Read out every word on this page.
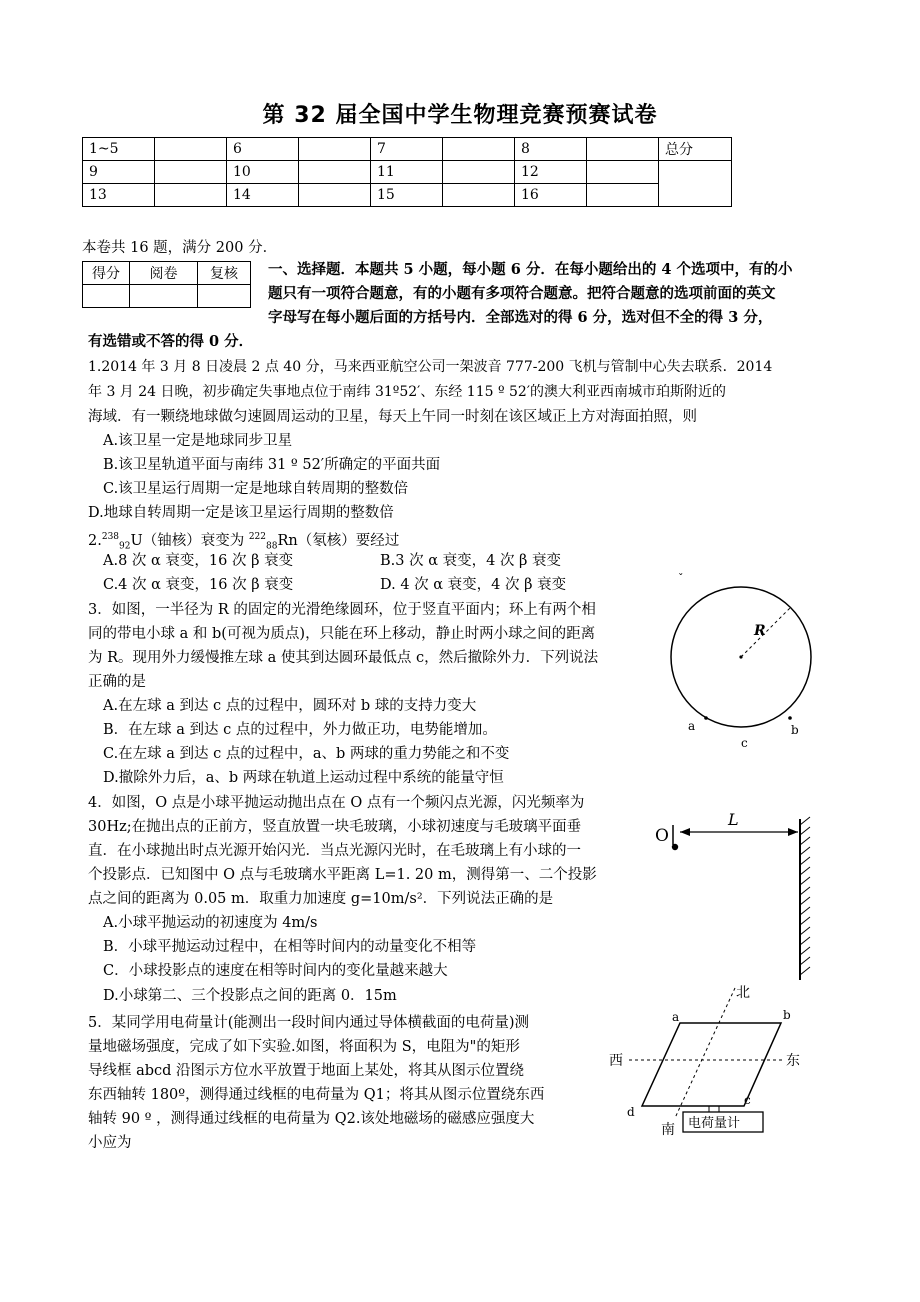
第 32 届全国中学生物理竞赛预赛试卷
1~5		6		7		8		总分
9		10		11		12		
13		14		15		16		
本卷共 16 题，满分 200 分．
得分	阅卷	复核
		一、选择题．本题共 5 小题，每小题 6 分．在每小题给出的 4 个选项中，有的小
题只有一项符合题意，有的小题有多项符合题意。把符合题意的选项前面的英文
字母写在每小题后面的方括号内．全部选对的得 6 分，选对但不全的得 3 分，
有选错或不答的得 0 分．
1.2014 年 3 月 8 日凌晨 2 点 40 分，马来西亚航空公司一架波音 777-200 飞机与管制中心失去联系．2014
年 3 月 24 日晚，初步确定失事地点位于南纬 31º52′、东经 115 º 52′的澳大利亚西南城市珀斯附近的
海域．有一颗绕地球做匀速圆周运动的卫星，每天上午同一时刻在该区域正上方对海面拍照，则
A.该卫星一定是地球同步卫星
B.该卫星轨道平面与南纬 31 º 52′所确定的平面共面
C.该卫星运行周期一定是地球自转周期的整数倍
D.地球自转周期一定是该卫星运行周期的整数倍
2.$^{238}_{92}$U（铀核）衰变为 $^{222}_{88}$Rn（氡核）要经过
A.8 次 α 衰变，16 次 β 衰变	B.3 次 α 衰变，4 次 β 衰变
C.4 次 α 衰变，16 次 β 衰变	D. 4 次 α 衰变，4 次 β 衰变
3．如图，一半径为 R 的固定的光滑绝缘圆环，位于竖直平面内；环上有两个相
同的带电小球 a 和 b(可视为质点)，只能在环上移动，静止时两小球之间的距离
为 R。现用外力缓慢推左球 a 使其到达圆环最低点 c，然后撤除外力．下列说法
正确的是
A.在左球 a 到达 c 点的过程中，圆环对 b 球的支持力变大
B．在左球 a 到达 c 点的过程中，外力做正功，电势能增加。
C.在左球 a 到达 c 点的过程中，a、b 两球的重力势能之和不变
D.撤除外力后，a、b 两球在轨道上运动过程中系统的能量守恒
ˇ
R
a	b
c
4．如图，O 点是小球平抛运动抛出点在 O 点有一个频闪点光源，闪光频率为
30Hz;在抛出点的正前方，竖直放置一块毛玻璃，小球初速度与毛玻璃平面垂
直．在小球抛出时点光源开始闪光．当点光源闪光时，在毛玻璃上有小球的一
个投影点．已知图中 O 点与毛玻璃水平距离 L=1. 20 m，测得第一、二个投影
点之间的距离为 0.05 m．取重力加速度 g=10m/s²．下列说法正确的是
A.小球平抛运动的初速度为 4m/s
B．小球平抛运动过程中，在相等时间内的动量变化不相等
C．小球投影点的速度在相等时间内的变化量越来越大
D.小球第二、三个投影点之间的距离 0．15m
O
L
5．某同学用电荷量计(能测出一段时间内通过导体横截面的电荷量)测
量地磁场强度，完成了如下实验.如图，将面积为 S，电阻为"的矩形
导线框 abcd 沿图示方位水平放置于地面上某处，将其从图示位置绕
东西轴转 180º，测得通过线框的电荷量为 Q1；将其从图示位置绕东西
轴转 90 º ，测得通过线框的电荷量为 Q2.该处地磁场的磁感应强度大
小应为
北
西	东
南
a	b
c
d
电荷量计
